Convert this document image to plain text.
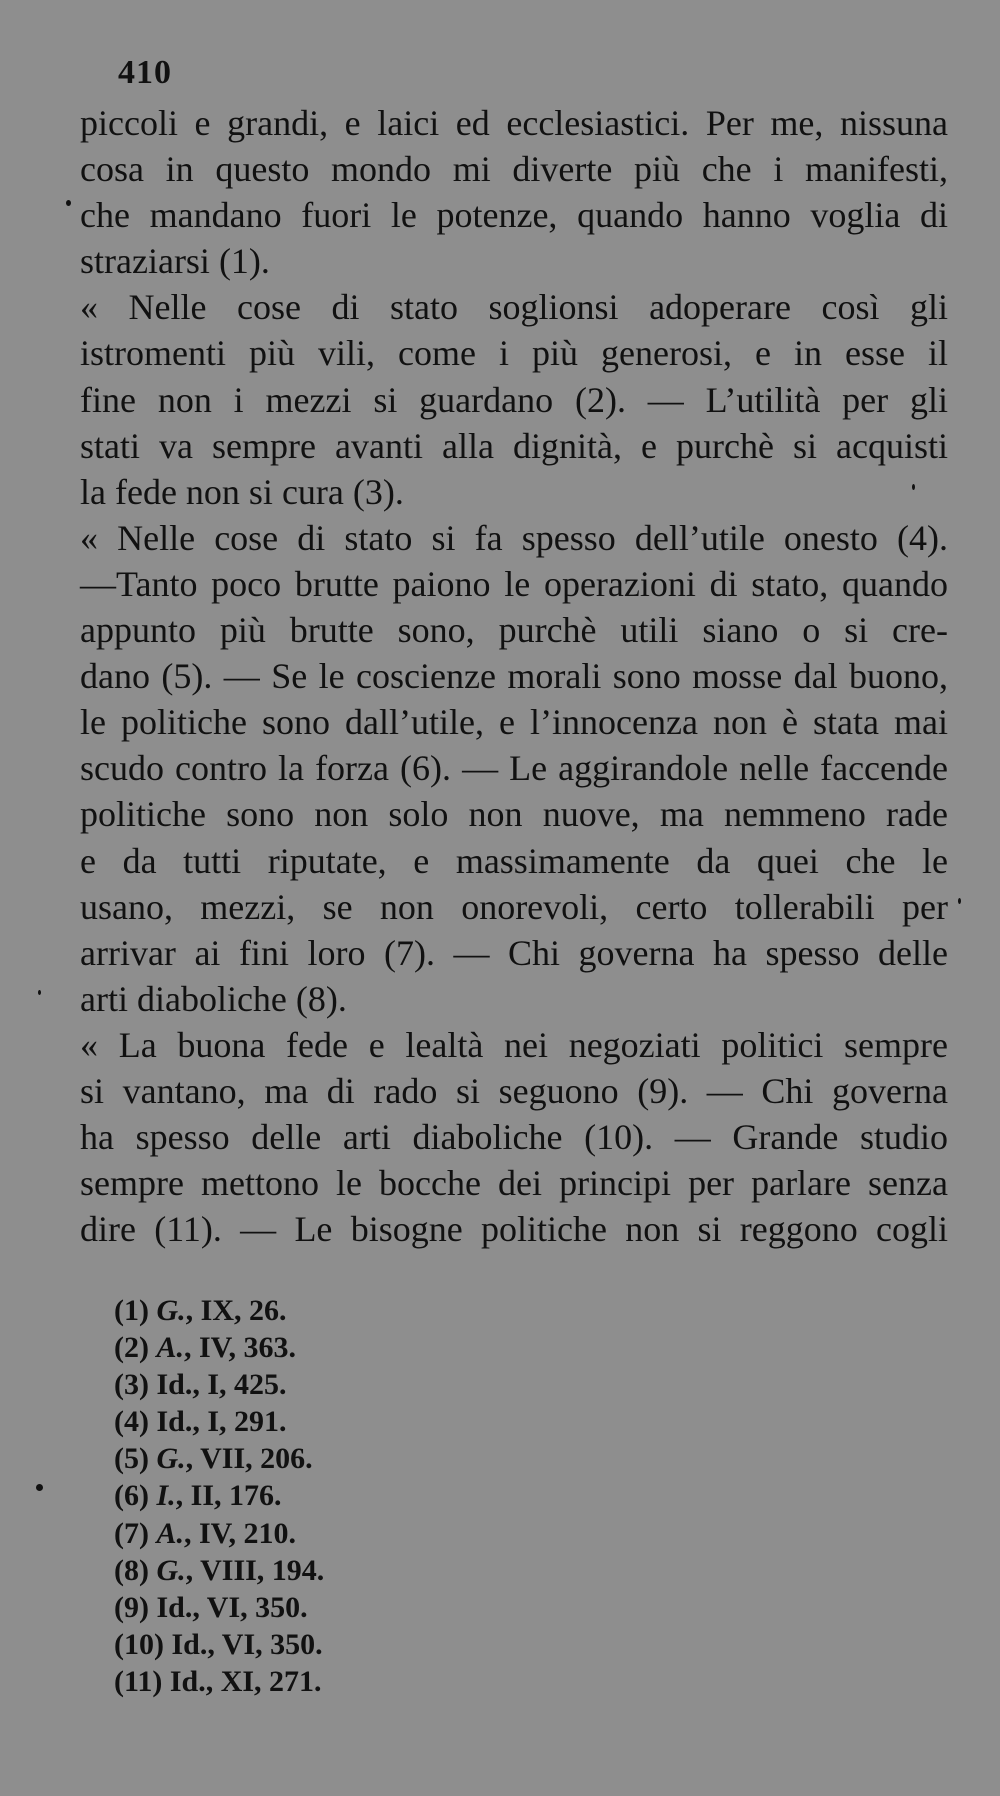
410
piccoli e grandi, e laici ed ecclesiastici. Per me, nissuna
cosa in questo mondo mi diverte più che i manifesti,
che mandano fuori le potenze, quando hanno voglia di
straziarsi (1).
« Nelle cose di stato soglionsi adoperare così gli
istromenti più vili, come i più generosi, e in esse il
fine non i mezzi si guardano (2). — L’utilità per gli
stati va sempre avanti alla dignità, e purchè si acquisti
la fede non si cura (3).
« Nelle cose di stato si fa spesso dell’utile onesto (4).
—Tanto poco brutte paiono le operazioni di stato, quando
appunto più brutte sono, purchè utili siano o si cre-
dano (5). — Se le coscienze morali sono mosse dal buono,
le politiche sono dall’utile, e l’innocenza non è stata mai
scudo contro la forza (6). — Le aggirandole nelle faccende
politiche sono non solo non nuove, ma nemmeno rade
e da tutti riputate, e massimamente da quei che le
usano, mezzi, se non onorevoli, certo tollerabili per
arrivar ai fini loro (7). — Chi governa ha spesso delle
arti diaboliche (8).
« La buona fede e lealtà nei negoziati politici sempre
si vantano, ma di rado si seguono (9). — Chi governa
ha spesso delle arti diaboliche (10). — Grande studio
sempre mettono le bocche dei principi per parlare senza
dire (11). — Le bisogne politiche non si reggono cogli
(1) G., IX, 26.
(2) A., IV, 363.
(3) Id., I, 425.
(4) Id., I, 291.
(5) G., VII, 206.
(6) I., II, 176.
(7) A., IV, 210.
(8) G., VIII, 194.
(9) Id., VI, 350.
(10) Id., VI, 350.
(11) Id., XI, 271.
